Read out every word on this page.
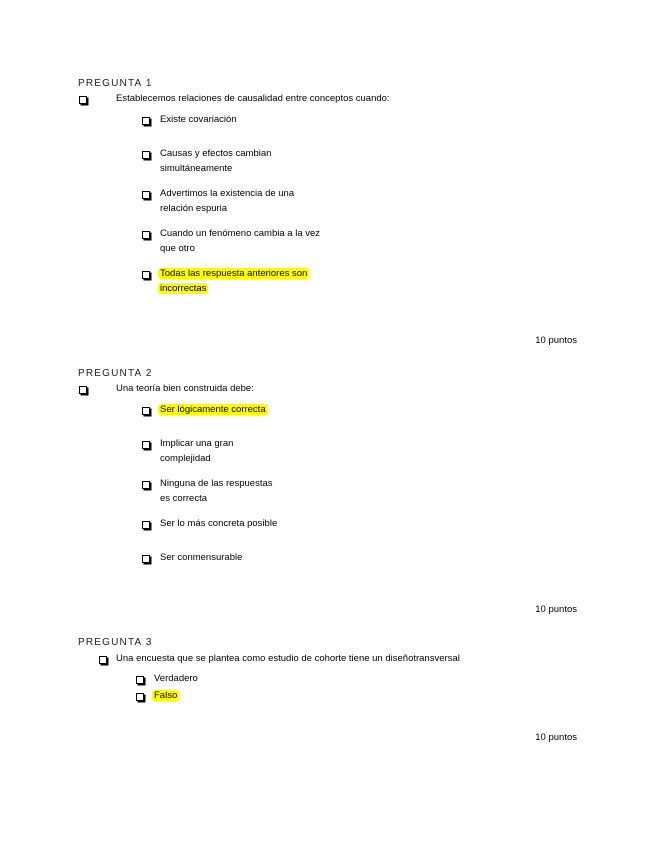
PREGUNTA 1
Establecemos relaciones de causalidad entre conceptos cuando:
Existe covariación
Causas y efectos cambian
simultáneamente
Advertimos la existencia de una
relación espuria
Cuando un fenómeno cambia a la vez
que otro
Todas las respuesta anteriores son
incorrectas
10 puntos
PREGUNTA 2
Una teoría bien construida debe:
Ser lógicamente correcta
Implicar una gran
complejidad
Ninguna de las respuestas
es correcta
Ser lo más concreta posible
Ser conmensurable
10 puntos
PREGUNTA 3
Una encuesta que se plantea como estudio de cohorte tiene un diseñotransversal
Verdadero
Falso
10 puntos
